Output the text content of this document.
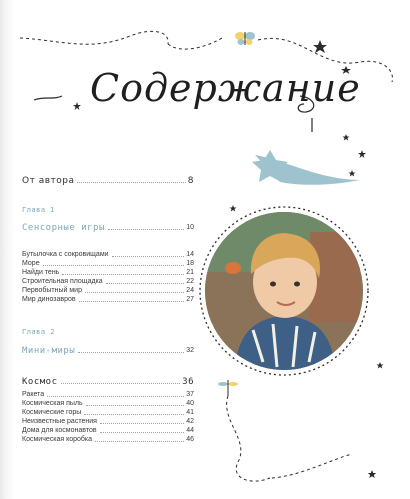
Содержание
От автора	8
Глава 1
Сенсорные игры	10
Бутылочка с сокровищами	14
Море	18
Найди тень	21
Строительная площадка	22
Первобытный мир	24
Мир динозавров	27
Глава 2
Мини-миры	32
Космос	36
Ракета	37
Космическая пыль	40
Космические горы	41
Неизвестные растения	42
Дома для космонавтов	44
Космическая коробка	46
